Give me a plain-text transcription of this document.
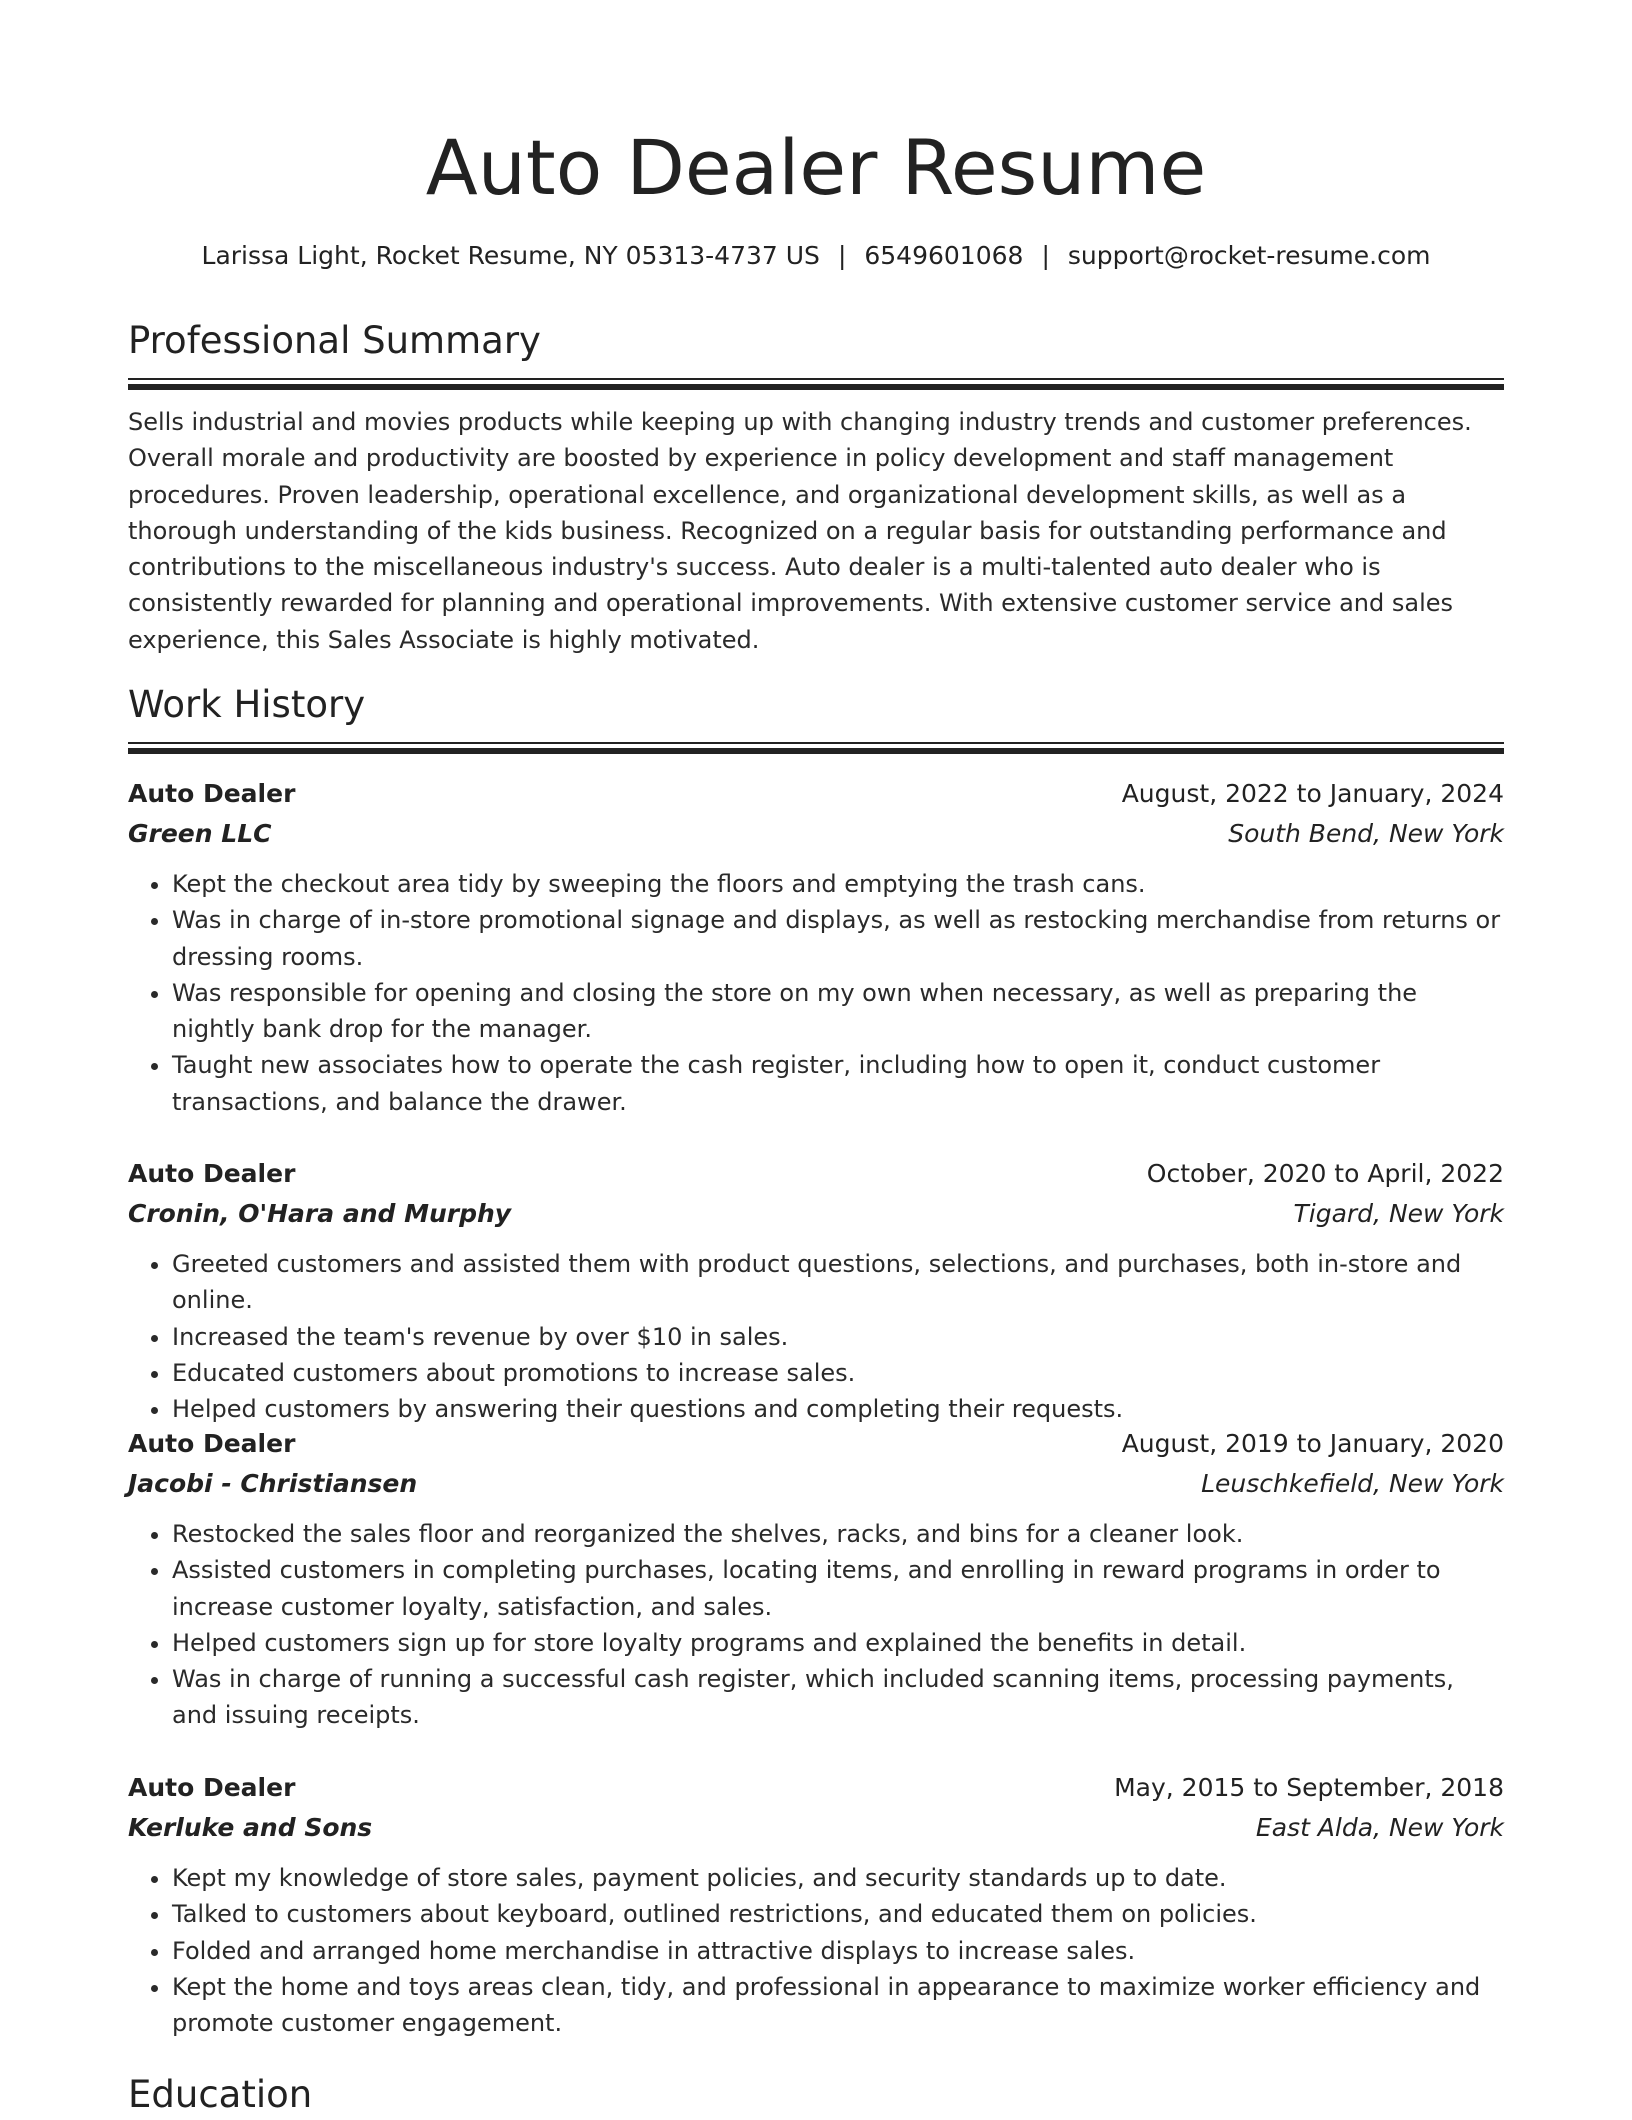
Auto Dealer Resume
Larissa Light, Rocket Resume, NY 05313-4737 US | 6549601068 | support@rocket-resume.com
Professional Summary

Sells industrial and movies products while keeping up with changing industry trends and customer preferences. Overall morale and productivity are boosted by experience in policy development and staff management procedures. Proven leadership, operational excellence, and organizational development skills, as well as a thorough understanding of the kids business. Recognized on a regular basis for outstanding performance and contributions to the miscellaneous industry's success. Auto dealer is a multi-talented auto dealer who is consistently rewarded for planning and operational improvements. With extensive customer service and sales experience, this Sales Associate is highly motivated.

Work History
Auto Dealer	August, 2022 to January, 2024
Green LLC	South Bend, New York
• Kept the checkout area tidy by sweeping the floors and emptying the trash cans.
• Was in charge of in-store promotional signage and displays, as well as restocking merchandise from returns or dressing rooms.
• Was responsible for opening and closing the store on my own when necessary, as well as preparing the nightly bank drop for the manager.
• Taught new associates how to operate the cash register, including how to open it, conduct customer transactions, and balance the drawer.
Auto Dealer	October, 2020 to April, 2022
Cronin, O'Hara and Murphy	Tigard, New York
• Greeted customers and assisted them with product questions, selections, and purchases, both in-store and online.
• Increased the team's revenue by over $10 in sales.
• Educated customers about promotions to increase sales.
• Helped customers by answering their questions and completing their requests.
Auto Dealer	August, 2019 to January, 2020
Jacobi - Christiansen	Leuschkefield, New York
• Restocked the sales floor and reorganized the shelves, racks, and bins for a cleaner look.
• Assisted customers in completing purchases, locating items, and enrolling in reward programs in order to increase customer loyalty, satisfaction, and sales.
• Helped customers sign up for store loyalty programs and explained the benefits in detail.
• Was in charge of running a successful cash register, which included scanning items, processing payments, and issuing receipts.
Auto Dealer	May, 2015 to September, 2018
Kerluke and Sons	East Alda, New York
• Kept my knowledge of store sales, payment policies, and security standards up to date.
• Talked to customers about keyboard, outlined restrictions, and educated them on policies.
• Folded and arranged home merchandise in attractive displays to increase sales.
• Kept the home and toys areas clean, tidy, and professional in appearance to maximize worker efficiency and promote customer engagement.
Education
